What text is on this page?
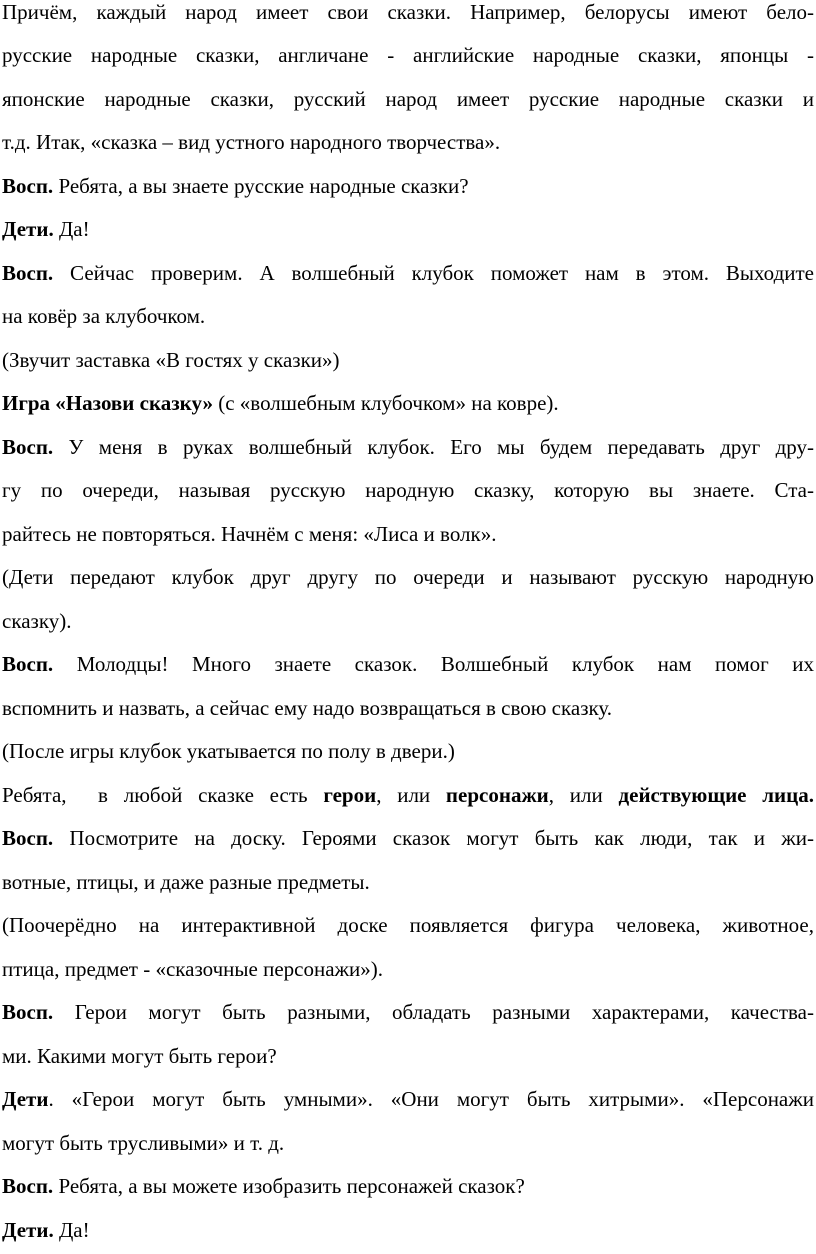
Причём, каждый народ имеет свои сказки. Например, белорусы имеют бело-

русские народные сказки, англичане - английские народные сказки, японцы -

японские народные сказки, русский народ имеет русские народные сказки и

т.д. Итак, «сказка – вид устного народного творчества».

Восп. Ребята, а вы знаете русские народные сказки?

Дети. Да!

Восп. Сейчас проверим. А волшебный клубок поможет нам в этом. Выходите

на ковёр за клубочком.

(Звучит заставка «В гостях у сказки»)

Игра «Назови сказку» (с «волшебным клубочком» на ковре).

Восп. У меня в руках волшебный клубок. Его мы будем передавать друг дру-

гу по очереди, называя русскую народную сказку, которую вы знаете. Ста-

райтесь не повторяться. Начнём с меня: «Лиса и волк».

(Дети передают клубок друг другу по очереди и называют русскую народную

сказку).

Восп. Молодцы! Много знаете сказок. Волшебный клубок нам помог их

вспомнить и назвать, а сейчас ему надо возвращаться в свою сказку.

(После игры клубок укатывается по полу в двери.)

Ребята,  в любой сказке есть герои, или персонажи, или действующие лица.

Восп. Посмотрите на доску. Героями сказок могут быть как люди, так и жи-

вотные, птицы, и даже разные предметы.

(Поочерёдно на интерактивной доске появляется фигура человека, животное,

птица, предмет - «сказочные персонажи»).

Восп. Герои могут быть разными, обладать разными характерами, качества-

ми. Какими могут быть герои?

Дети. «Герои могут быть умными». «Они могут быть хитрыми». «Персонажи

могут быть трусливыми» и т. д.

Восп. Ребята, а вы можете изобразить персонажей сказок?

Дети. Да!
